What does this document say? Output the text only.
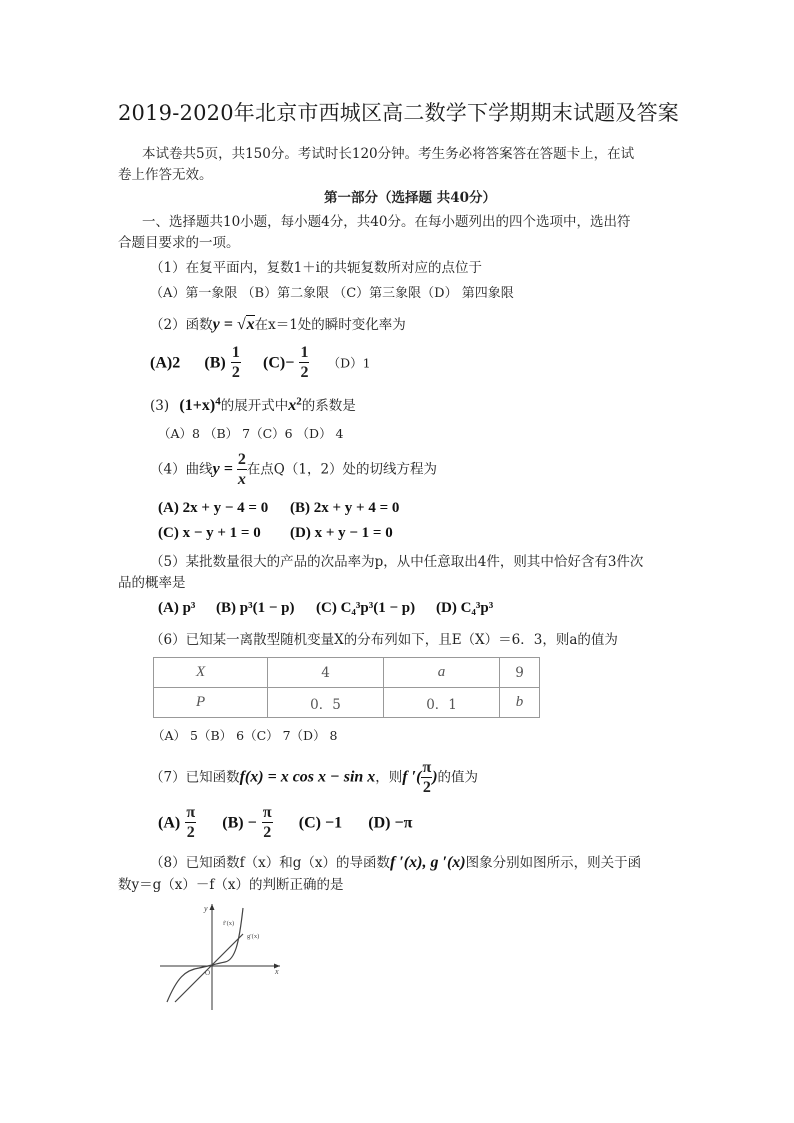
2019-2020年北京市西城区高二数学下学期期末试题及答案
本试卷共5页，共150分。考试时长120分钟。考生务必将答案答在答题卡上，在试
卷上作答无效。
第一部分（选择题 共40分）
一、选择题共10小题，每小题4分，共40分。在每小题列出的四个选项中，选出符
合题目要求的一项。
（1）在复平面内，复数1＋i的共轭复数所对应的点位于
（A）第一象限 （B）第二象限 （C）第三象限（D） 第四象限
（2）函数y = √x在x＝1处的瞬时变化率为
(A)2 $(B) \frac{1}{2} (C)- \frac{1}{2} (D)1$
(3) $(1+x)^4$的展开式中$x^2$的系数是
（A）8 （B） 7（C）6 （D） 4
（4）曲线$y = \frac{2}{x}$ 在点Q（1，2）处的切线方程为
(A) 2x + y − 4 = 0 (B) 2x + y + 4 = 0
(C) x − y + 1 = 0 (D) x + y − 1 = 0
（5）某批数量很大的产品的次品率为p，从中任意取出4件，则其中恰好含有3件次
品的概率是
(A) p³ (B) p³(1 − p) (C) C₄³p³(1 − p) (D) C₄³p³
（6）已知某一离散型随机变量X的分布列如下，且E（X）＝6．3，则a的值为
X	4	a	9
P	0．5	0．1	b
（A） 5（B） 6（C） 7（D） 8
（7）已知函数f(x) = x cos x − sin x，则f ′( $\frac{\pi}{2}$ )的值为
$(A) \frac{\pi}{2} (B) - \frac{\pi}{2} (C) -1$ (D) −π
（8）已知函数f（x）和g（x）的导函数f ′(x), g ′(x)图象分别如图所示，则关于函
数y＝g（x）－f（x）的判断正确的是
y
x
O
f′(x)
g′(x)
